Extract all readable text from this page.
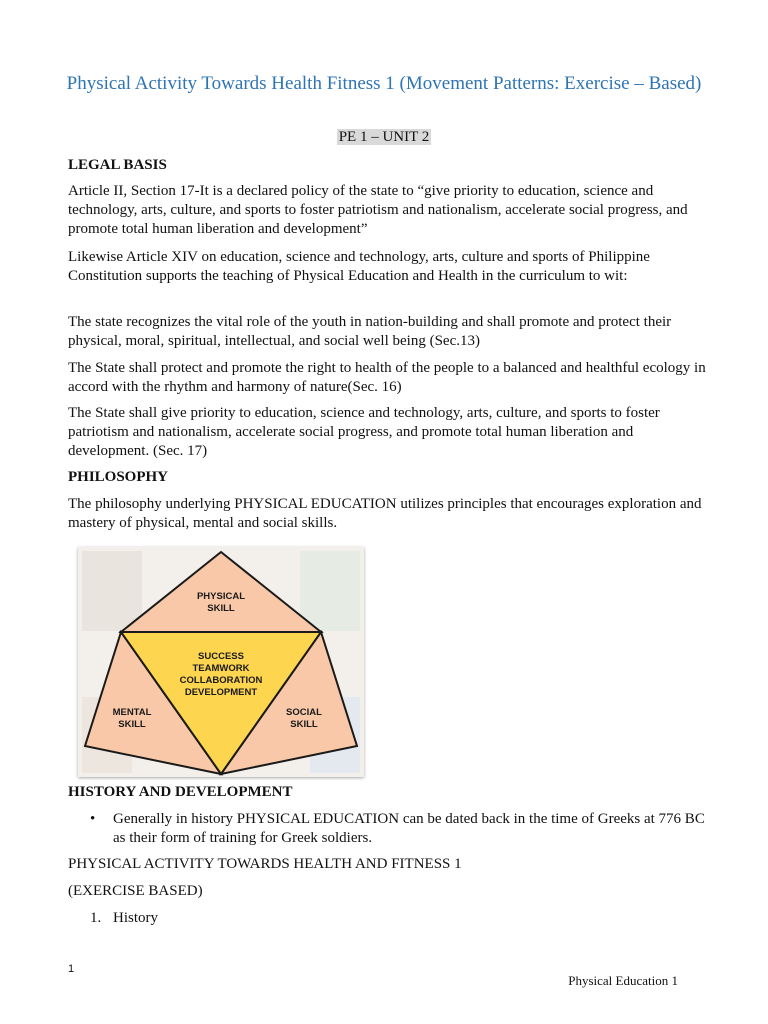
Physical Activity Towards Health Fitness 1 (Movement Patterns: Exercise – Based)
PE 1 – UNIT 2
LEGAL BASIS
Article II, Section 17-It is a declared policy of the state to “give priority to education, science and technology, arts, culture, and sports to foster patriotism and nationalism, accelerate social progress, and promote total human liberation and development”
Likewise Article XIV on education, science and technology, arts, culture and sports of Philippine Constitution supports the teaching of Physical Education and Health in the curriculum to wit:
The state recognizes the vital role of the youth in nation-building and shall promote and protect their physical, moral, spiritual, intellectual, and social well being (Sec.13)
The State shall protect and promote the right to health of the people to a balanced and healthful ecology in accord with the rhythm and harmony of nature(Sec. 16)
The State shall give priority to education, science and technology, arts, culture, and sports to foster patriotism and nationalism, accelerate social progress, and promote total human liberation and development. (Sec. 17)
PHILOSOPHY
The philosophy underlying PHYSICAL EDUCATION utilizes principles that encourages exploration and mastery of physical, mental and social skills.
PHYSICAL
SKILL
SUCCESS
TEAMWORK
COLLABORATION
DEVELOPMENT
MENTAL
SKILL
SOCIAL
SKILL
HISTORY AND DEVELOPMENT
• Generally in history PHYSICAL EDUCATION can be dated back in the time of Greeks at 776 BC as their form of training for Greek soldiers.
PHYSICAL ACTIVITY TOWARDS HEALTH AND FITNESS 1
(EXERCISE BASED)
1. History
1
Physical Education 1
